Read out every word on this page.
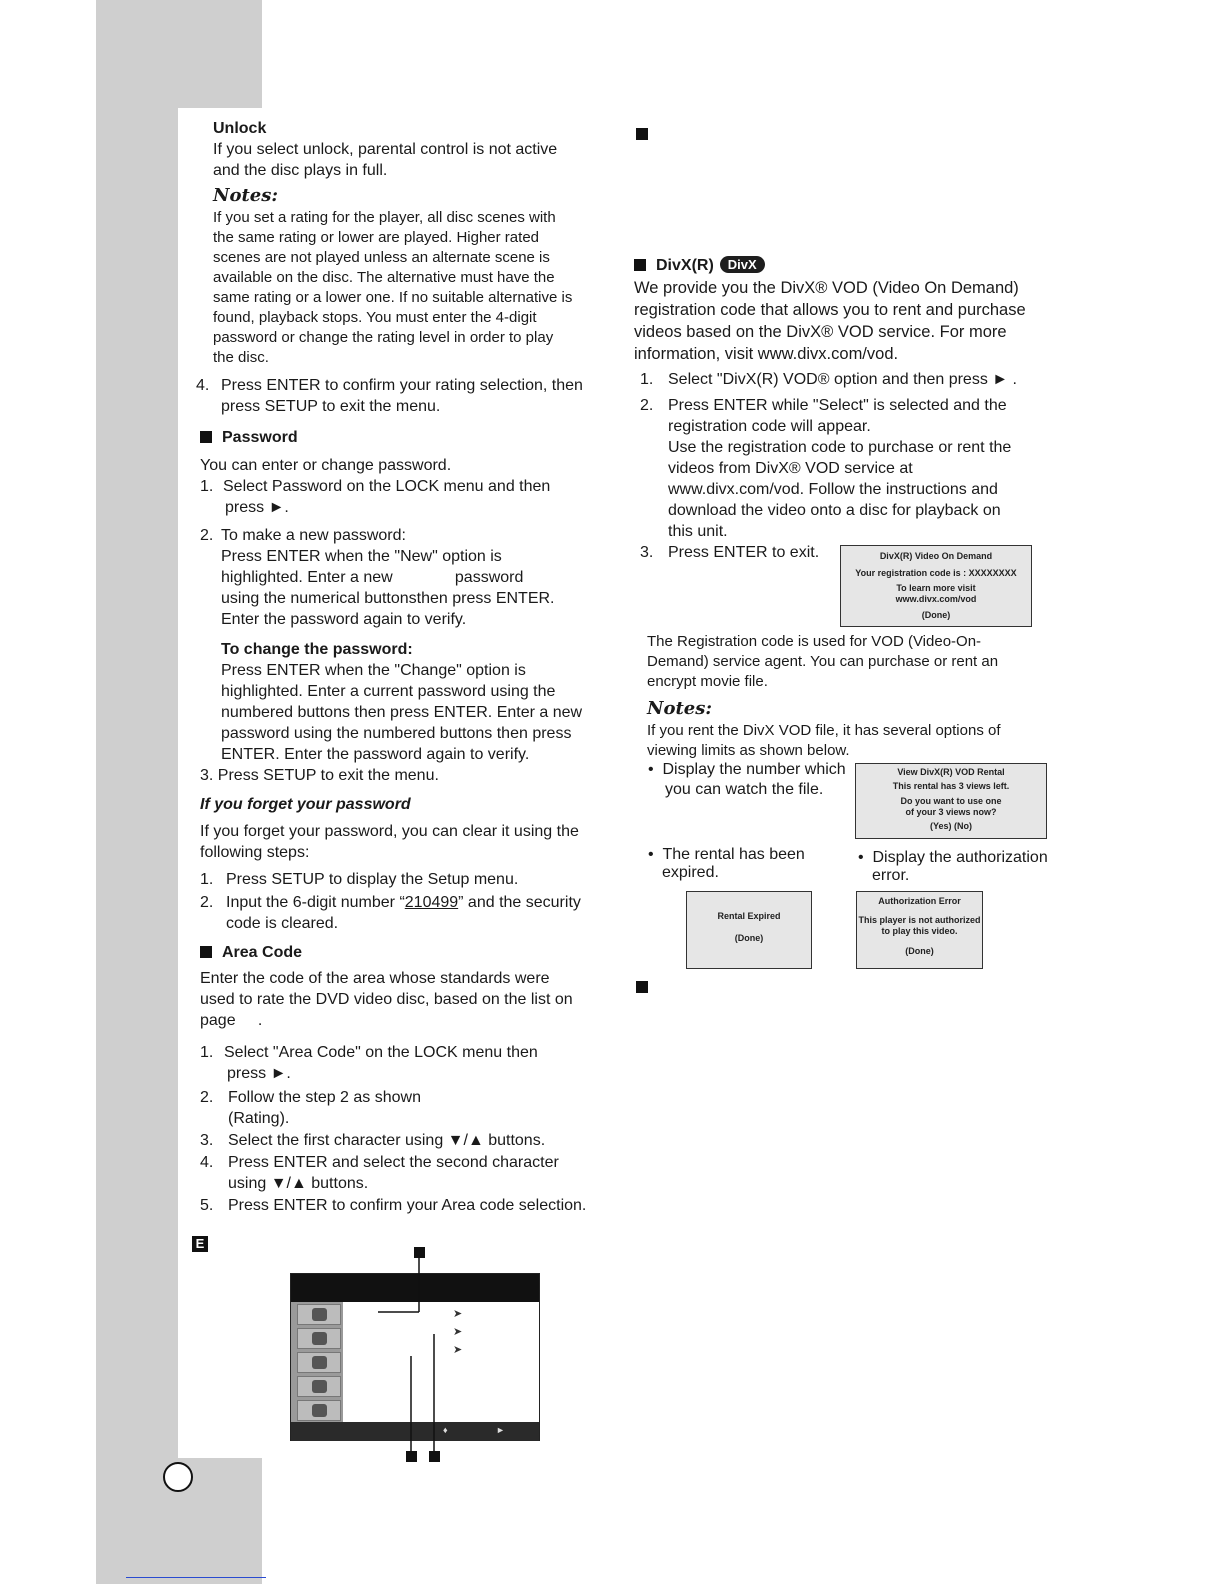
Unlock

If you select unlock, parental control is not active

and the disc plays in full.

Notes:
If you set a rating for the player, all disc scenes with
the same rating or lower are played. Higher rated
scenes are not played unless an alternate scene is
available on the disc. The alternative must have the
same rating or a lower one. If no suitable alternative is
found, playback stops. You must enter the 4-digit
password or change the rating level in order to play
the disc.
4. Press ENTER to confirm your rating selection, then
press SETUP to exit the menu.

Password

You can enter or change password.

1. Select Password on the LOCK menu and then
press ►.
2. To make a new password:
Press ENTER when the "New" option is
highlighted. Enter a new              password
using the numerical buttonsthen press ENTER.
Enter the password again to verify.
To change the password:
Press ENTER when the "Change" option is
highlighted. Enter a current password using the
numbered buttons then press ENTER. Enter a new
password using the numbered buttons then press
ENTER. Enter the password again to verify.

3. Press SETUP to exit the menu.

If you forget your password

If you forget your password, you can clear it using the

following steps:

1. Press SETUP to display the Setup menu.
2. Input the 6-digit number “210499” and the security
code is cleared.

Area Code

Enter the code of the area whose standards were

used to rate the DVD video disc, based on the list on

page     .

1. Select "Area Code" on the LOCK menu then
press ►.
2. Follow the step 2 as shown
(Rating).
3. Select the first character using ▼/▲ buttons.
4. Press ENTER and select the second character
using ▼/▲ buttons.
5. Press ENTER to confirm your Area code selection.
E
♦	►
➤
➤
➤

DivX(R) DivX

We provide you the DivX® VOD (Video On Demand)

registration code that allows you to rent and purchase

videos based on the DivX® VOD service. For more

information, visit www.divx.com/vod.

1. Select "DivX(R) VOD® option and then press ► .
2. Press ENTER while "Select" is selected and the
registration code will appear.
Use the registration code to purchase or rent the
videos from DivX® VOD service at
www.divx.com/vod. Follow the instructions and
download the video onto a disc for playback on
this unit.
3. Press ENTER to exit.	DivX(R) Video On Demand
Your registration code is : XXXXXXXX
To learn more visit
www.divx.com/vod
(Done)

The Registration code is used for VOD (Video-On-

Demand) service agent. You can purchase or rent an

encrypt movie file.

Notes:

If you rent the DivX VOD file, it has several options of

viewing limits as shown below.

•  Display the number which

you can watch the file.

View DivX(R) VOD Rental
This rental has 3 views left.
Do you want to use one
of your 3 views now?
(Yes) (No)

•  The rental has been

expired.

•  Display the authorization

error.

Rental Expired
(Done)
Authorization Error
This player is not authorized
to play this video.
(Done)
